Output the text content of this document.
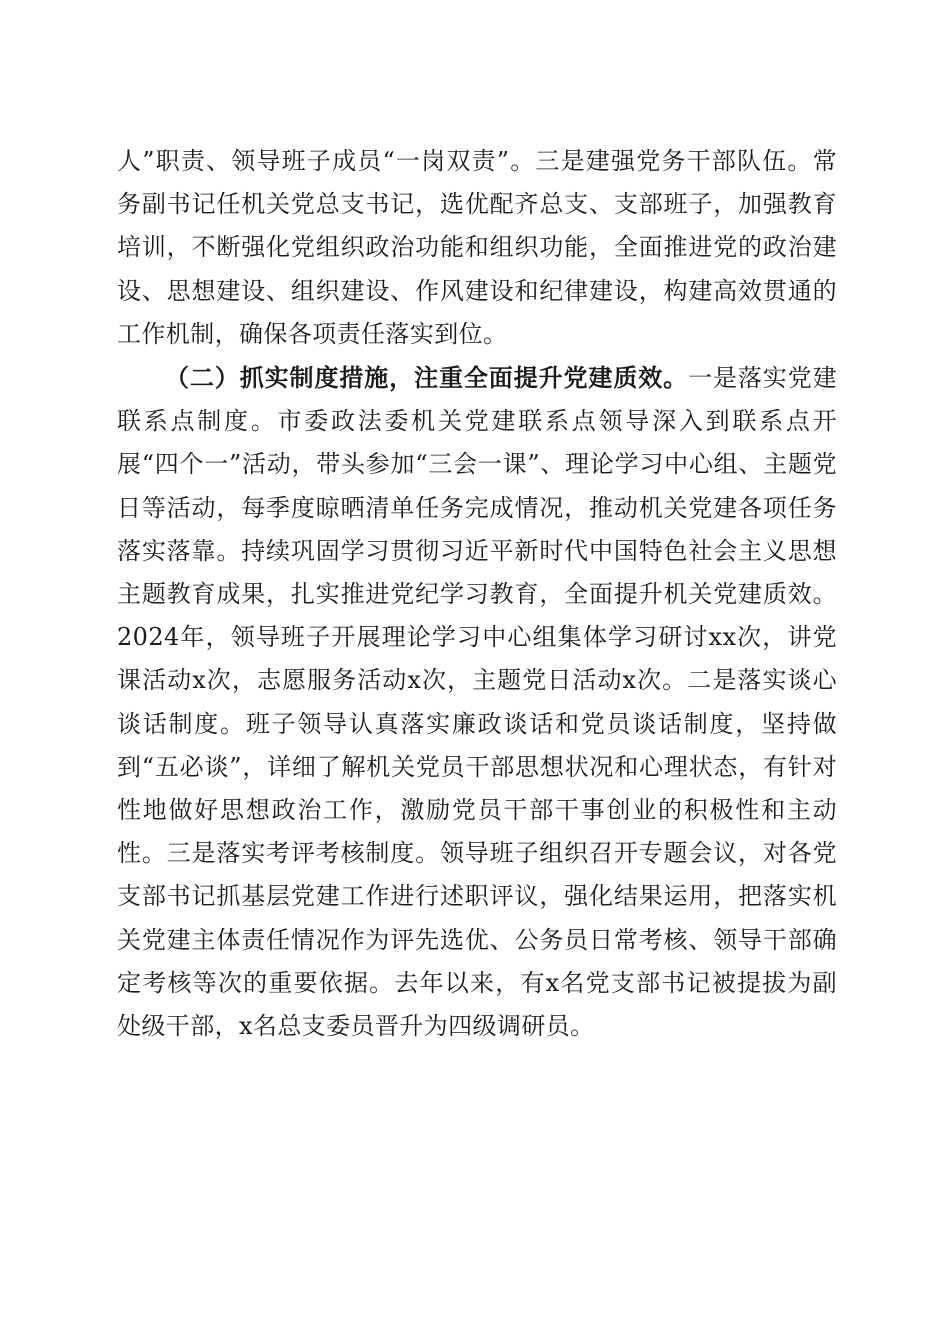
人”职责、领导班子成员“一岗双责”。三是建强党务干部队伍。常务副书记任机关党总支书记，选优配齐总支、支部班子，加强教育培训，不断强化党组织政治功能和组织功能，全面推进党的政治建设、思想建设、组织建设、作风建设和纪律建设，构建高效贯通的工作机制，确保各项责任落实到位。

（二）抓实制度措施，注重全面提升党建质效。一是落实党建联系点制度。市委政法委机关党建联系点领导深入到联系点开展“四个一”活动，带头参加“三会一课”、理论学习中心组、主题党日等活动，每季度晾晒清单任务完成情况，推动机关党建各项任务落实落靠。持续巩固学习贯彻习近平新时代中国特色社会主义思想主题教育成果，扎实推进党纪学习教育，全面提升机关党建质效。2024年，领导班子开展理论学习中心组集体学习研讨xx次，讲党课活动x次，志愿服务活动x次，主题党日活动x次。二是落实谈心谈话制度。班子领导认真落实廉政谈话和党员谈话制度，坚持做到“五必谈”，详细了解机关党员干部思想状况和心理状态，有针对性地做好思想政治工作，激励党员干部干事创业的积极性和主动性。三是落实考评考核制度。领导班子组织召开专题会议，对各党支部书记抓基层党建工作进行述职评议，强化结果运用，把落实机关党建主体责任情况作为评先选优、公务员日常考核、领导干部确定考核等次的重要依据。去年以来，有x名党支部书记被提拔为副处级干部，x名总支委员晋升为四级调研员。
